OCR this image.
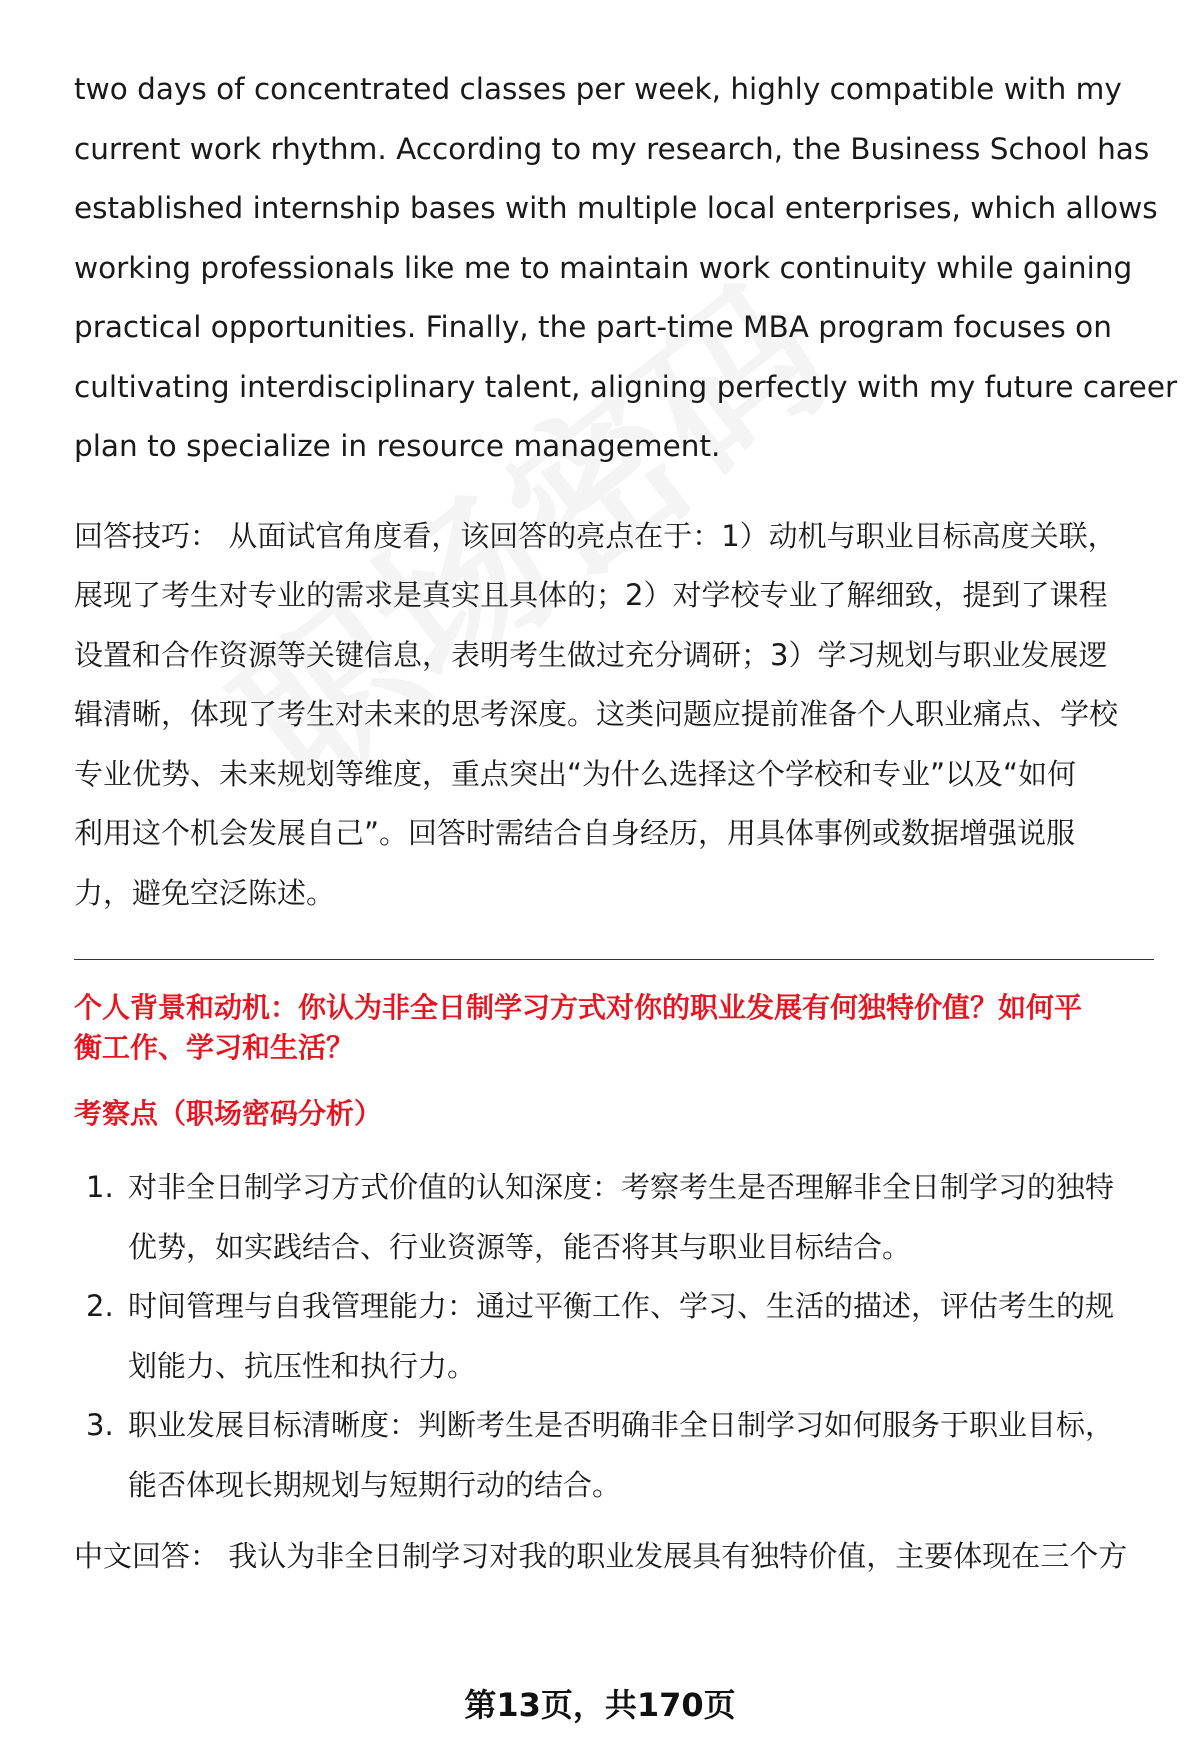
two days of concentrated classes per week, highly compatible with my
current work rhythm. According to my research, the Business School has
established internship bases with multiple local enterprises, which allows
working professionals like me to maintain work continuity while gaining
practical opportunities. Finally, the part-time MBA program focuses on
cultivating interdisciplinary talent, aligning perfectly with my future career
plan to specialize in resource management.

回答技巧： 从面试官角度看，该回答的亮点在于：1）动机与职业目标高度关联，
展现了考生对专业的需求是真实且具体的；2）对学校专业了解细致，提到了课程
设置和合作资源等关键信息，表明考生做过充分调研；3）学习规划与职业发展逻
辑清晰，体现了考生对未来的思考深度。这类问题应提前准备个人职业痛点、学校
专业优势、未来规划等维度，重点突出“为什么选择这个学校和专业”以及“如何
利用这个机会发展自己”。回答时需结合自身经历，用具体事例或数据增强说服
力，避免空泛陈述。

个人背景和动机：你认为非全日制学习方式对你的职业发展有何独特价值？如何平
衡工作、学习和生活？

考察点（职场密码分析）

1. 对非全日制学习方式价值的认知深度：考察考生是否理解非全日制学习的独特
优势，如实践结合、行业资源等，能否将其与职业目标结合。
2. 时间管理与自我管理能力：通过平衡工作、学习、生活的描述，评估考生的规
划能力、抗压性和执行力。
3. 职业发展目标清晰度：判断考生是否明确非全日制学习如何服务于职业目标，
能否体现长期规划与短期行动的结合。

中文回答： 我认为非全日制学习对我的职业发展具有独特价值，主要体现在三个方

第13页，共170页
